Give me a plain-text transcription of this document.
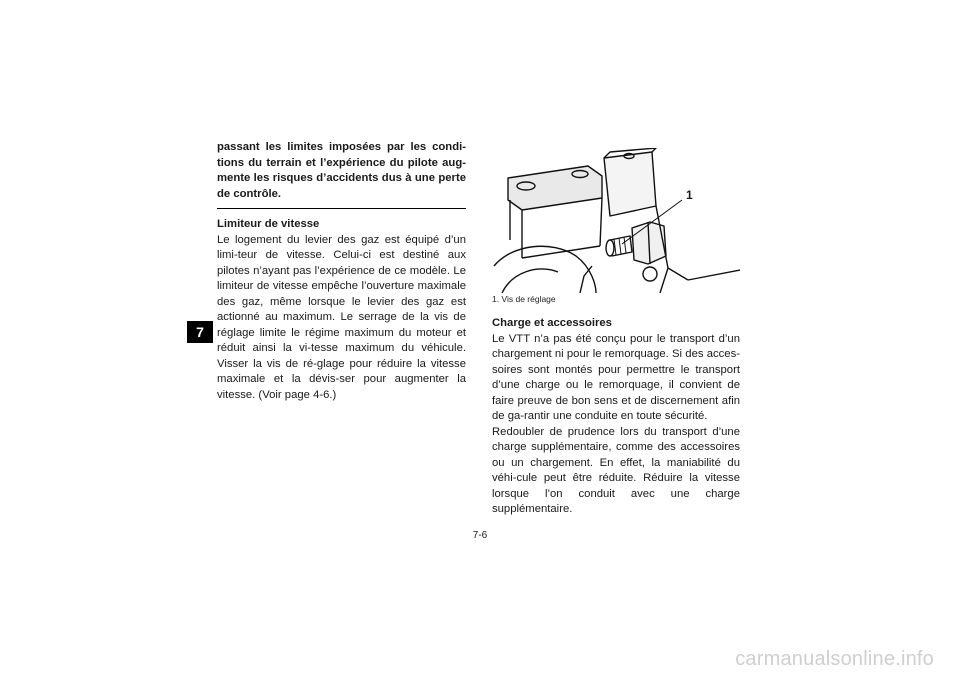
7

passant les limites imposées par les condi-tions du terrain et l’expérience du pilote aug-mente les risques d’accidents dus à une perte de contrôle.

Limiteur de vitesse

Le logement du levier des gaz est équipé d’un limi-teur de vitesse. Celui-ci est destiné aux pilotes n’ayant pas l’expérience de ce modèle. Le limiteur de vitesse empêche l’ouverture maximale des gaz, même lorsque le levier des gaz est actionné au maximum. Le serrage de la vis de réglage limite le régime maximum du moteur et réduit ainsi la vi-tesse maximum du véhicule. Visser la vis de ré-glage pour réduire la vitesse maximale et la dévis-ser pour augmenter la vitesse. (Voir page 4-6.)

1
1. Vis de réglage
Charge et accessoires

Le VTT n’a pas été conçu pour le transport d’un chargement ni pour le remorquage. Si des acces-soires sont montés pour permettre le transport d’une charge ou le remorquage, il convient de faire preuve de bon sens et de discernement afin de ga-rantir une conduite en toute sécurité.

Redoubler de prudence lors du transport d’une charge supplémentaire, comme des accessoires ou un chargement. En effet, la maniabilité du véhi-cule peut être réduite. Réduire la vitesse lorsque l’on conduit avec une charge supplémentaire.

7-6
carmanualsonline.info
